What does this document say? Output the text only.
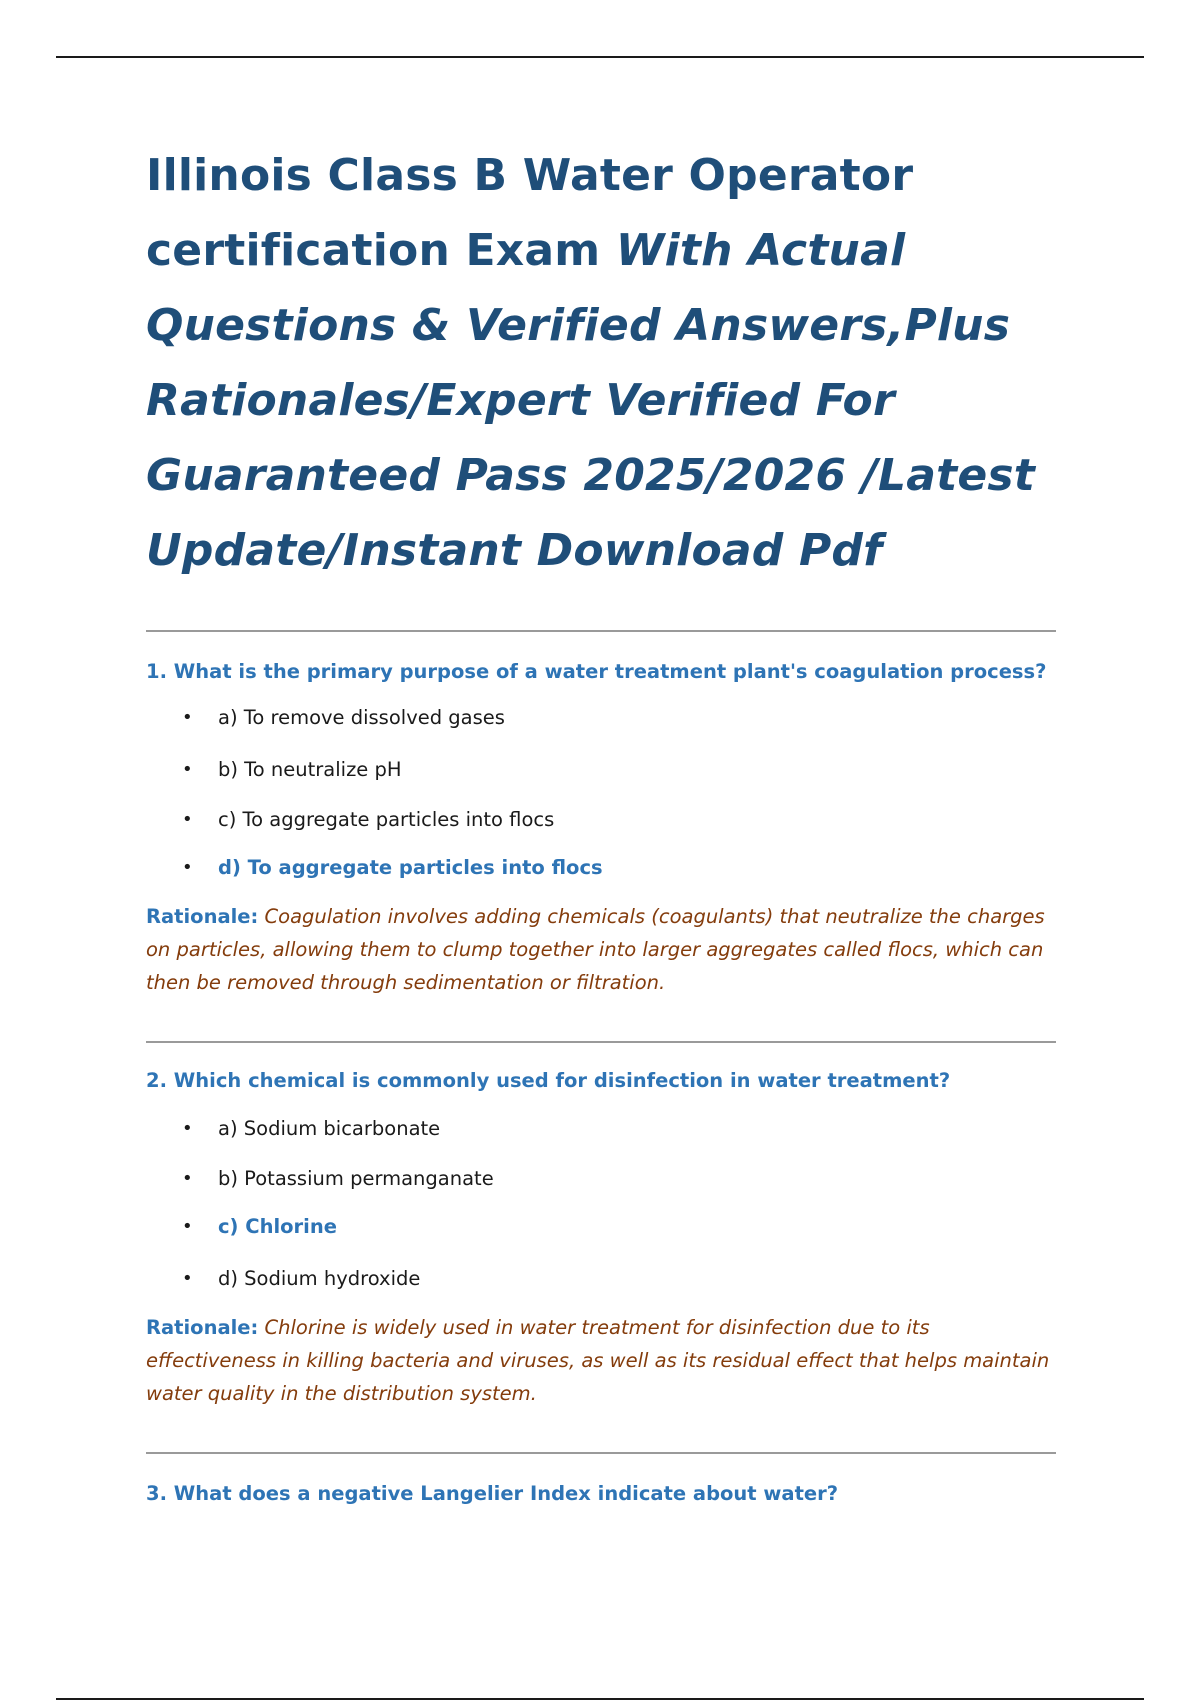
Illinois Class B Water Operator certification Exam With Actual Questions & Verified Answers,Plus Rationales/Expert Verified For Guaranteed Pass 2025/2026 /Latest Update/Instant Download Pdf

1. What is the primary purpose of a water treatment plant's coagulation process?

• a) To remove dissolved gases
• b) To neutralize pH
• c) To aggregate particles into flocs
• d) To aggregate particles into flocs

Rationale: Coagulation involves adding chemicals (coagulants) that neutralize the charges on particles, allowing them to clump together into larger aggregates called flocs, which can then be removed through sedimentation or filtration.

2. Which chemical is commonly used for disinfection in water treatment?

• a) Sodium bicarbonate
• b) Potassium permanganate
• c) Chlorine
• d) Sodium hydroxide

Rationale: Chlorine is widely used in water treatment for disinfection due to its effectiveness in killing bacteria and viruses, as well as its residual effect that helps maintain water quality in the distribution system.

3. What does a negative Langelier Index indicate about water?
